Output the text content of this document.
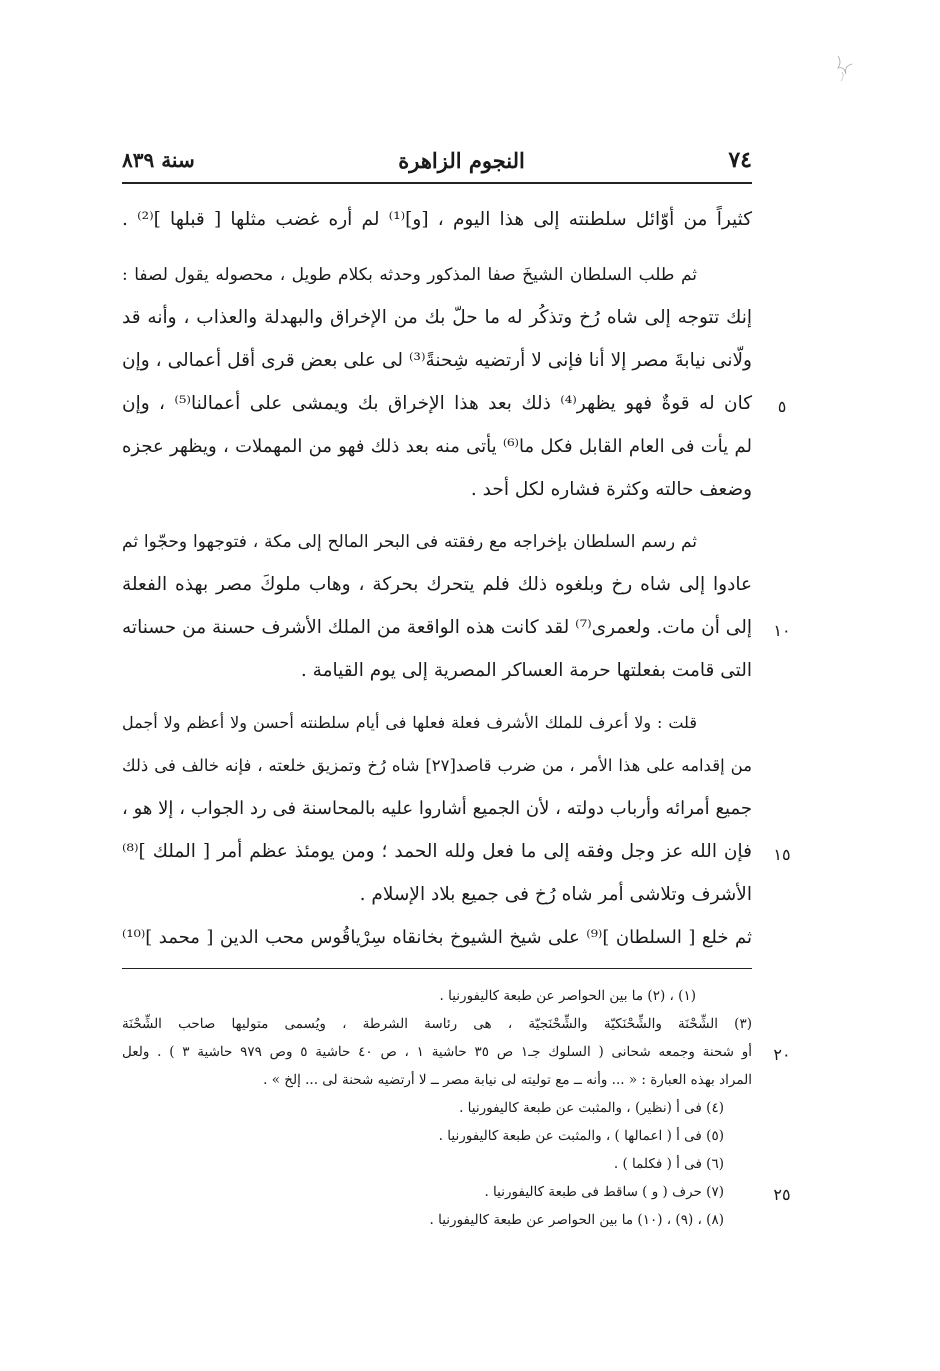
سنة ٨٣٩	النجوم الزاهرة	٧٤
كثيراً من أوّائل سلطنته إلى هذا اليوم ، [و]⁽¹⁾ لم أره غضب مثلها [ قبلها ]⁽²⁾ .
ثم طلب السلطان الشيخَ صفا المذكور وحدثه بكلام طويل ، محصوله يقول لصفا :
إنك تتوجه إلى شاه رُخ وتذكُر له ما حلّ بك من الإخراق والبهدلة والعذاب ، وأنه قد
ولّانى نيابةَ مصر إلا أنا فإنى لا أرتضيه شِحنةً⁽³⁾ لى على بعض قرى أقل أعمالى ، وإن
كان له قوةٌ فهو يظهر⁽⁴⁾ ذلك بعد هذا الإخراق بك ويمشى على أعمالنا⁽⁵⁾ ، وإن
لم يأت فى العام القابل فكل ما⁽⁶⁾ يأتى منه بعد ذلك فهو من المهملات ، ويظهر عجزه
وضعف حالته وكثرة فشاره لكل أحد .
ثم رسم السلطان بإخراجه مع رفقته فى البحر المالح إلى مكة ، فتوجهوا وحجّوا ثم
عادوا إلى شاه رخ وبلغوه ذلك فلم يتحرك بحركة ، وهاب ملوكَ مصر بهذه الفعلة
إلى أن مات. ولعمرى⁽⁷⁾ لقد كانت هذه الواقعة من الملك الأشرف حسنة من حسناته
التى قامت بفعلتها حرمة العساكر المصرية إلى يوم القيامة .
قلت : ولا أعرف للملك الأشرف فعلة فعلها فى أيام سلطنته أحسن ولا أعظم ولا أجمل
من إقدامه على هذا الأمر ، من ضرب قاصد[٢٧] شاه رُخ وتمزيق خلعته ، فإنه خالف فى ذلك
جميع أمرائه وأرباب دولته ، لأن الجميع أشاروا عليه بالمحاسنة فى رد الجواب ، إلا هو ،
فإن الله عز وجل وفقه إلى ما فعل ولله الحمد ؛ ومن يومئذ عظم أمر [ الملك ]⁽⁸⁾
الأشرف وتلاشى أمر شاه رُخ فى جميع بلاد الإسلام .
ثم خلع [ السلطان ]⁽⁹⁾ على شيخ الشيوخ بخانقاه سِرْياقُوس محب الدين [ محمد ]⁽¹⁰⁾
٥
١٠
١٥
٢٠
٢٥
(١) ، (٢) ما بين الحواصر عن طبعة كاليفورنيا .
(٣) الشِّحْنَة والشِّحْنَكيّة والشِّحْنَجيّة ، هى رئاسة الشرطة ، ويُسمى متوليها صاحب الشِّحْنَة
أو شحنة وجمعه شحانى ( السلوك جـ١ ص ٣٥ حاشية ١ ، ص ٤٠ حاشية ٥ وص ٩٧٩ حاشية ٣ ) . ولعل
المراد بهذه العبارة : « ... وأنه ــ مع توليته لى نيابة مصر ــ لا أرتضيه شحنة لى ... إلخ » .
(٤) فى أ (نظير) ، والمثبت عن طبعة كاليفورنيا .
(٥) فى أ ( اعمالها ) ، والمثبت عن طبعة كاليفورنيا .
(٦) فى أ ( فكلما ) .
(٧) حرف ( و ) ساقط فى طبعة كاليفورنيا .
(٨) ، (٩) ، (١٠) ما بين الحواصر عن طبعة كاليفورنيا .
